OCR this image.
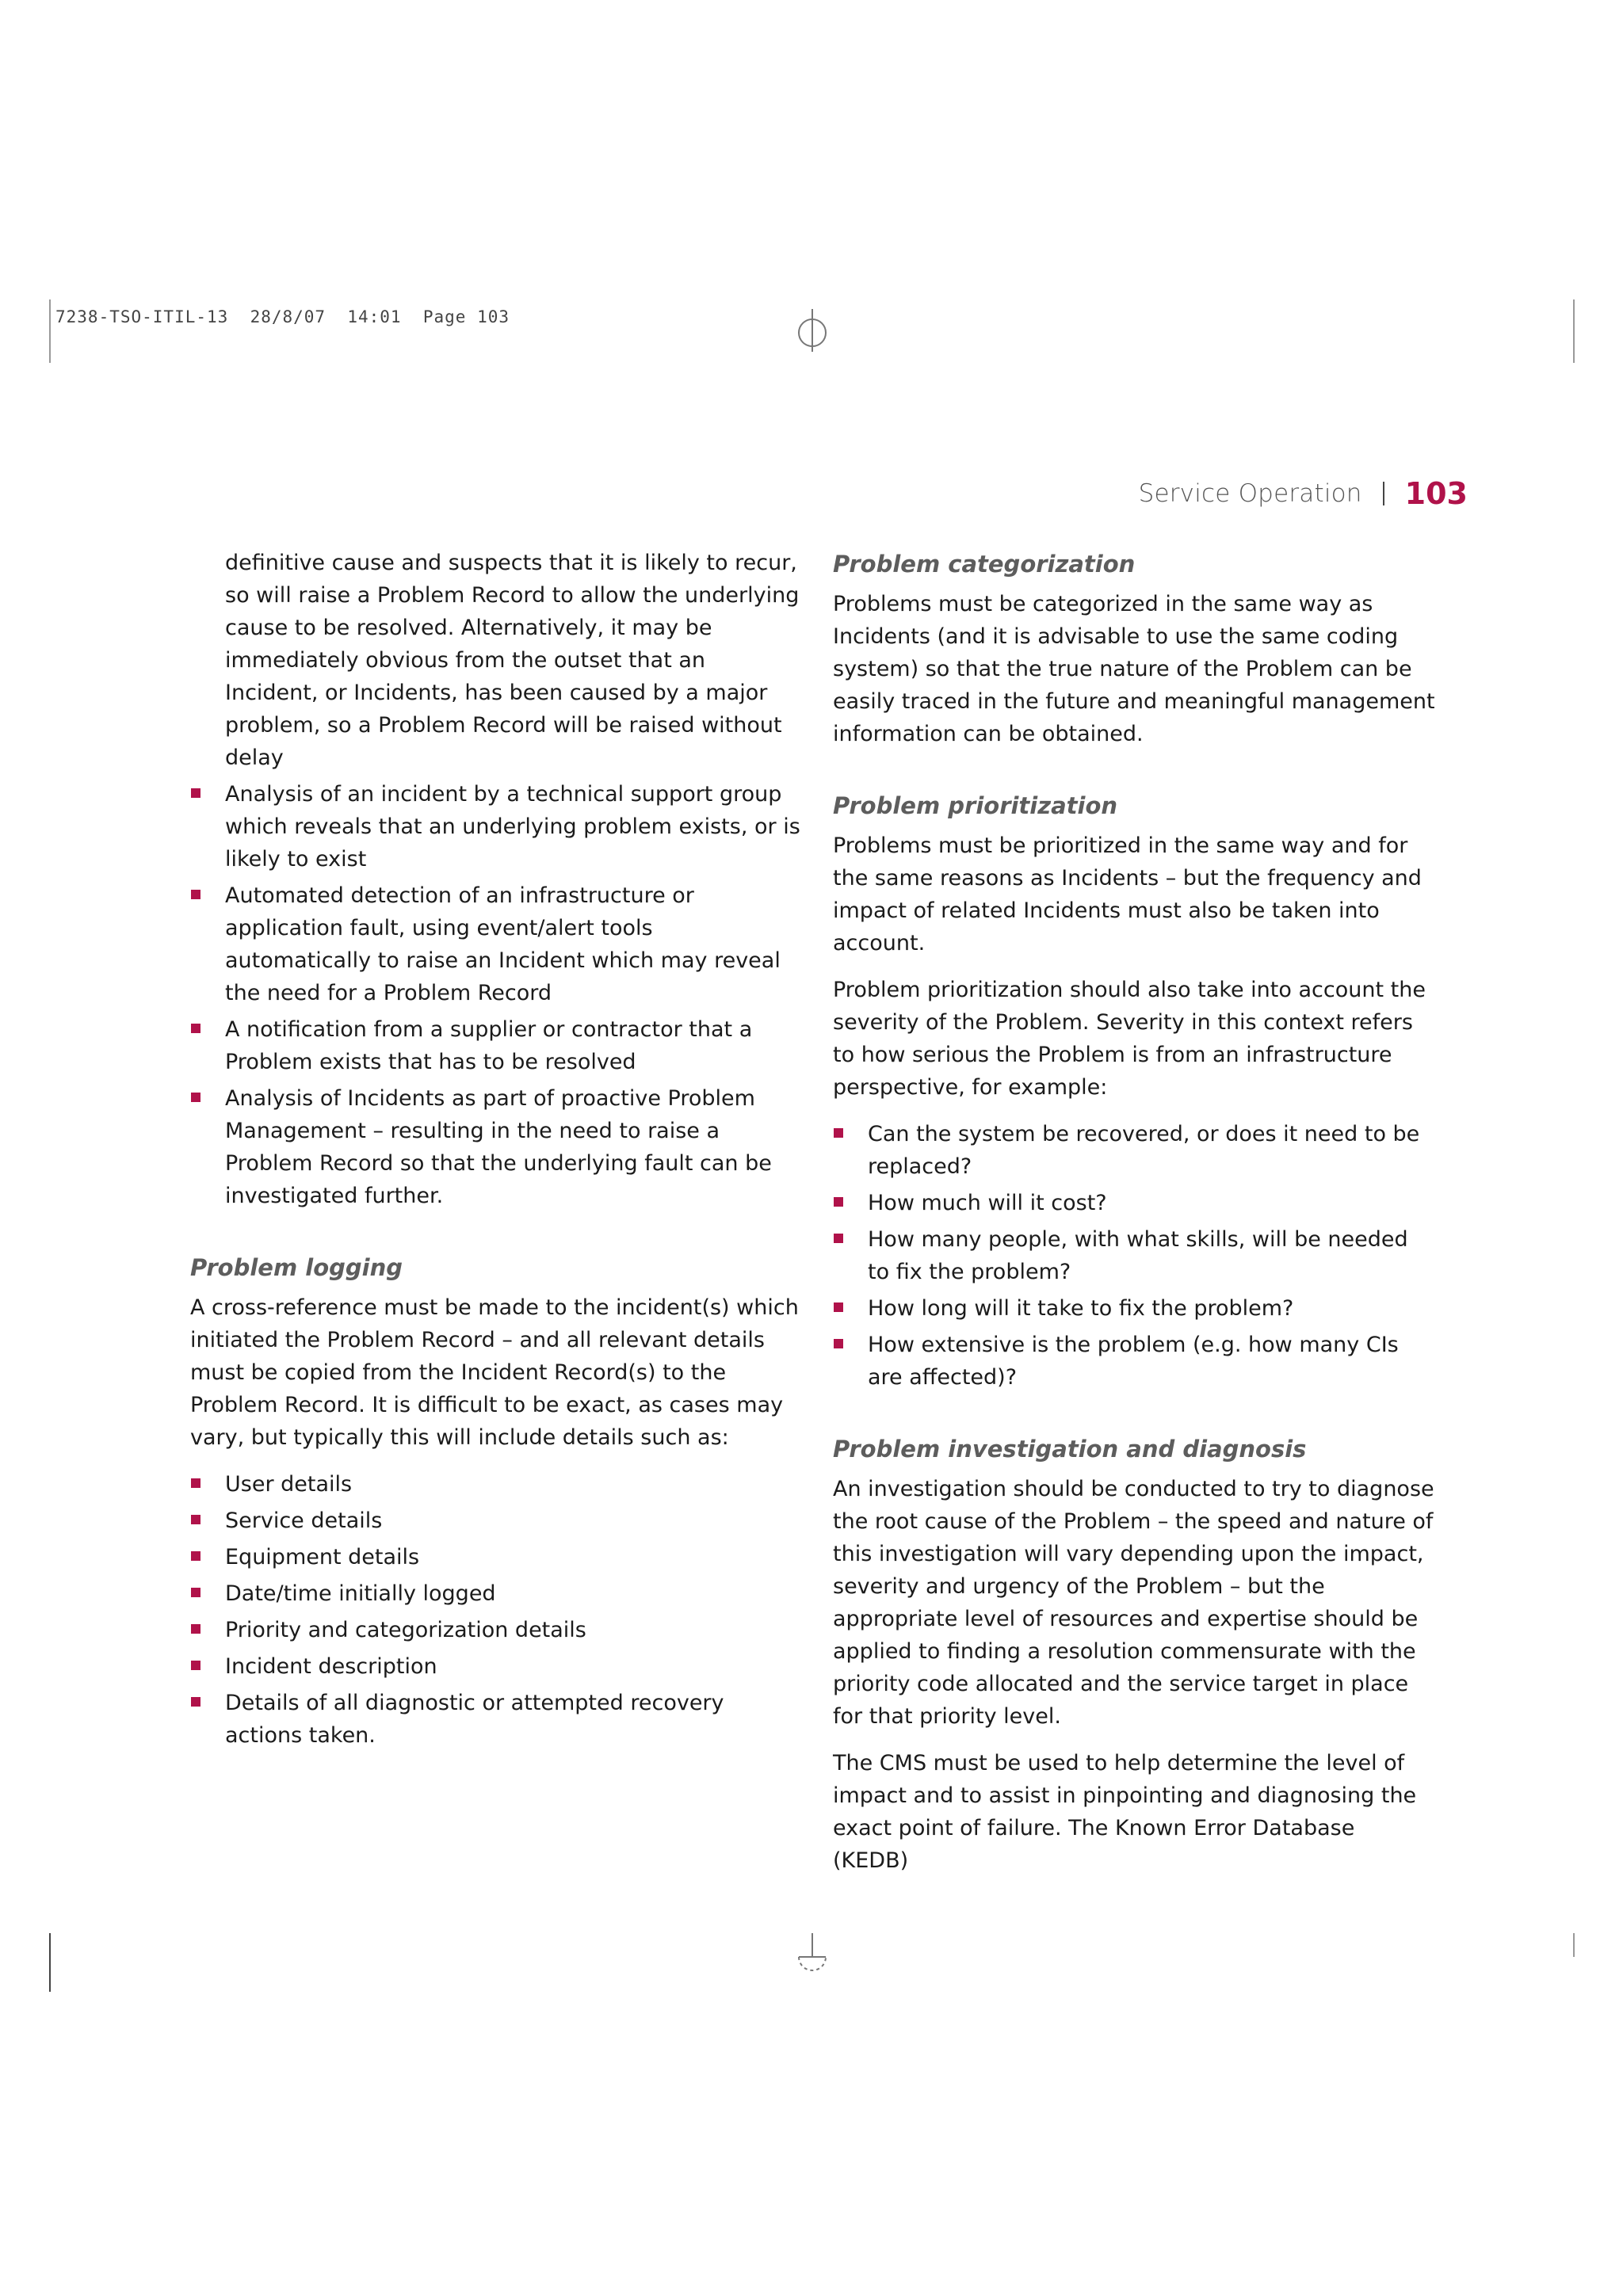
7238-TSO-ITIL-13  28/8/07  14:01  Page 103
Service Operation 103
definitive cause and suspects that it is likely to recur, so will raise a Problem Record to allow the underlying cause to be resolved. Alternatively, it may be immediately obvious from the outset that an Incident, or Incidents, has been caused by a major problem, so a Problem Record will be raised without delay
Analysis of an incident by a technical support group which reveals that an underlying problem exists, or is likely to exist
Automated detection of an infrastructure or application fault, using event/alert tools automatically to raise an Incident which may reveal the need for a Problem Record
A notification from a supplier or contractor that a Problem exists that has to be resolved
Analysis of Incidents as part of proactive Problem Management – resulting in the need to raise a Problem Record so that the underlying fault can be investigated further.
Problem logging

A cross-reference must be made to the incident(s) which initiated the Problem Record – and all relevant details must be copied from the Incident Record(s) to the Problem Record. It is difficult to be exact, as cases may vary, but typically this will include details such as:

User details
Service details
Equipment details
Date/time initially logged
Priority and categorization details
Incident description
Details of all diagnostic or attempted recovery actions taken.
Problem categorization

Problems must be categorized in the same way as Incidents (and it is advisable to use the same coding system) so that the true nature of the Problem can be easily traced in the future and meaningful management information can be obtained.

Problem prioritization

Problems must be prioritized in the same way and for the same reasons as Incidents – but the frequency and impact of related Incidents must also be taken into account.

Problem prioritization should also take into account the severity of the Problem. Severity in this context refers to how serious the Problem is from an infrastructure perspective, for example:

Can the system be recovered, or does it need to be replaced?
How much will it cost?
How many people, with what skills, will be needed to fix the problem?
How long will it take to fix the problem?
How extensive is the problem (e.g. how many CIs are affected)?
Problem investigation and diagnosis

An investigation should be conducted to try to diagnose the root cause of the Problem – the speed and nature of this investigation will vary depending upon the impact, severity and urgency of the Problem – but the appropriate level of resources and expertise should be applied to finding a resolution commensurate with the priority code allocated and the service target in place for that priority level.

The CMS must be used to help determine the level of impact and to assist in pinpointing and diagnosing the exact point of failure. The Known Error Database (KEDB)
